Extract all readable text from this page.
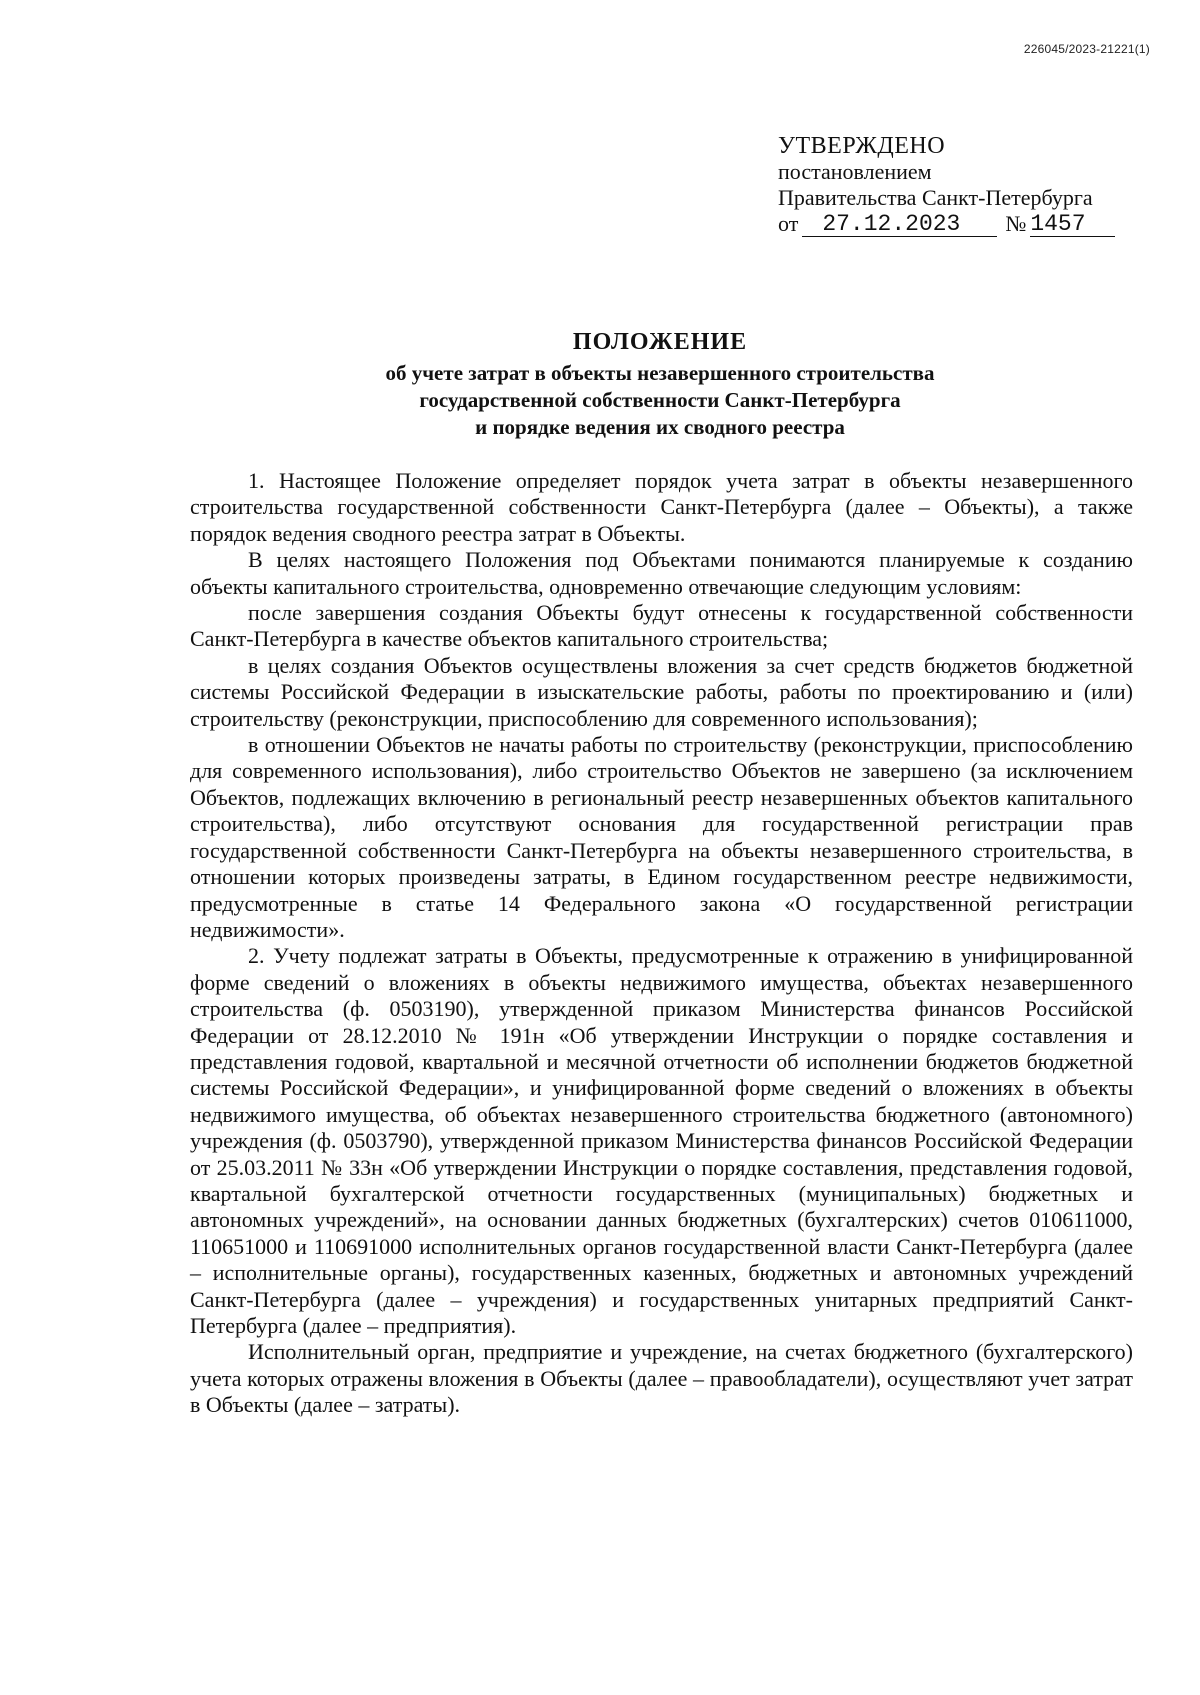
226045/2023-21221(1)
УТВЕРЖДЕНО
постановлением
Правительства Санкт-Петербурга
от	27.12.2023	№ 1457
ПОЛОЖЕНИЕ
об учете затрат в объекты незавершенного строительства
государственной собственности Санкт-Петербурга
и порядке ведения их сводного реестра

1. Настоящее Положение определяет порядок учета затрат в объекты незавершенного строительства государственной собственности Санкт-Петербурга (далее – Объекты), а также порядок ведения сводного реестра затрат в Объекты.

В целях настоящего Положения под Объектами понимаются планируемые к созданию объекты капитального строительства, одновременно отвечающие следующим условиям:

после завершения создания Объекты будут отнесены к государственной собственности Санкт-Петербурга в качестве объектов капитального строительства;

в целях создания Объектов осуществлены вложения за счет средств бюджетов бюджетной системы Российской Федерации в изыскательские работы, работы по проектированию и (или) строительству (реконструкции, приспособлению для современного использования);

в отношении Объектов не начаты работы по строительству (реконструкции, приспособлению для современного использования), либо строительство Объектов не завершено (за исключением Объектов, подлежащих включению в региональный реестр незавершенных объектов капитального строительства), либо отсутствуют основания для государственной регистрации прав государственной собственности Санкт-Петербурга на объекты незавершенного строительства, в отношении которых произведены затраты, в Едином государственном реестре недвижимости, предусмотренные в статье 14 Федерального закона «О государственной регистрации недвижимости».

2. Учету подлежат затраты в Объекты, предусмотренные к отражению в унифицированной форме сведений о вложениях в объекты недвижимого имущества, объектах незавершенного строительства (ф. 0503190), утвержденной приказом Министерства финансов Российской Федерации от 28.12.2010 № 191н «Об утверждении Инструкции о порядке составления и представления годовой, квартальной и месячной отчетности об исполнении бюджетов бюджетной системы Российской Федерации», и унифицированной форме сведений о вложениях в объекты недвижимого имущества, об объектах незавершенного строительства бюджетного (автономного) учреждения (ф. 0503790), утвержденной приказом Министерства финансов Российской Федерации от 25.03.2011 № 33н «Об утверждении Инструкции о порядке составления, представления годовой, квартальной бухгалтерской отчетности государственных (муниципальных) бюджетных и автономных учреждений», на основании данных бюджетных (бухгалтерских) счетов 010611000, 110651000 и 110691000 исполнительных органов государственной власти Санкт-Петербурга (далее – исполнительные органы), государственных казенных, бюджетных и автономных учреждений Санкт-Петербурга (далее – учреждения) и государственных унитарных предприятий Санкт-Петербурга (далее – предприятия).

Исполнительный орган, предприятие и учреждение, на счетах бюджетного (бухгалтерского) учета которых отражены вложения в Объекты (далее – правообладатели), осуществляют учет затрат в Объекты (далее – затраты).
